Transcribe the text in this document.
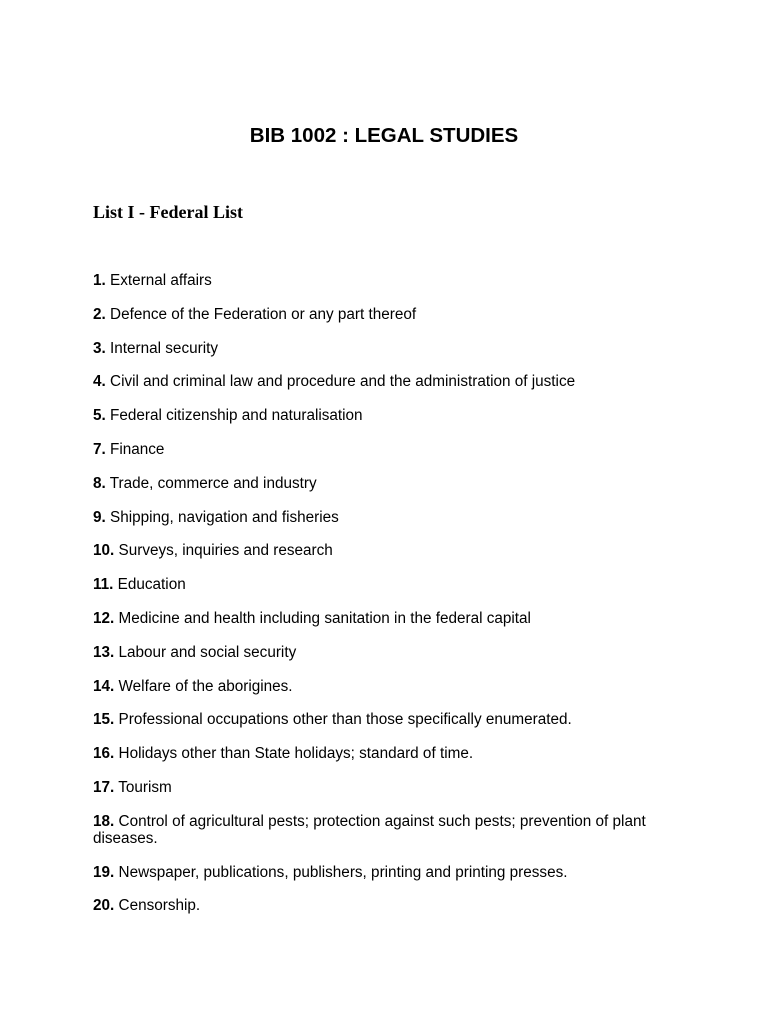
BIB 1002 : LEGAL STUDIES
List I - Federal List
1. External affairs
2. Defence of the Federation or any part thereof
3. Internal security
4. Civil and criminal law and procedure and the administration of justice
5. Federal citizenship and naturalisation
7. Finance
8. Trade, commerce and industry
9. Shipping, navigation and fisheries
10. Surveys, inquiries and research
11. Education
12. Medicine and health including sanitation in the federal capital
13. Labour and social security
14. Welfare of the aborigines.
15. Professional occupations other than those specifically enumerated.
16. Holidays other than State holidays; standard of time.
17. Tourism
18. Control of agricultural pests; protection against such pests; prevention of plant diseases.
19. Newspaper, publications, publishers, printing and printing presses.
20. Censorship.
